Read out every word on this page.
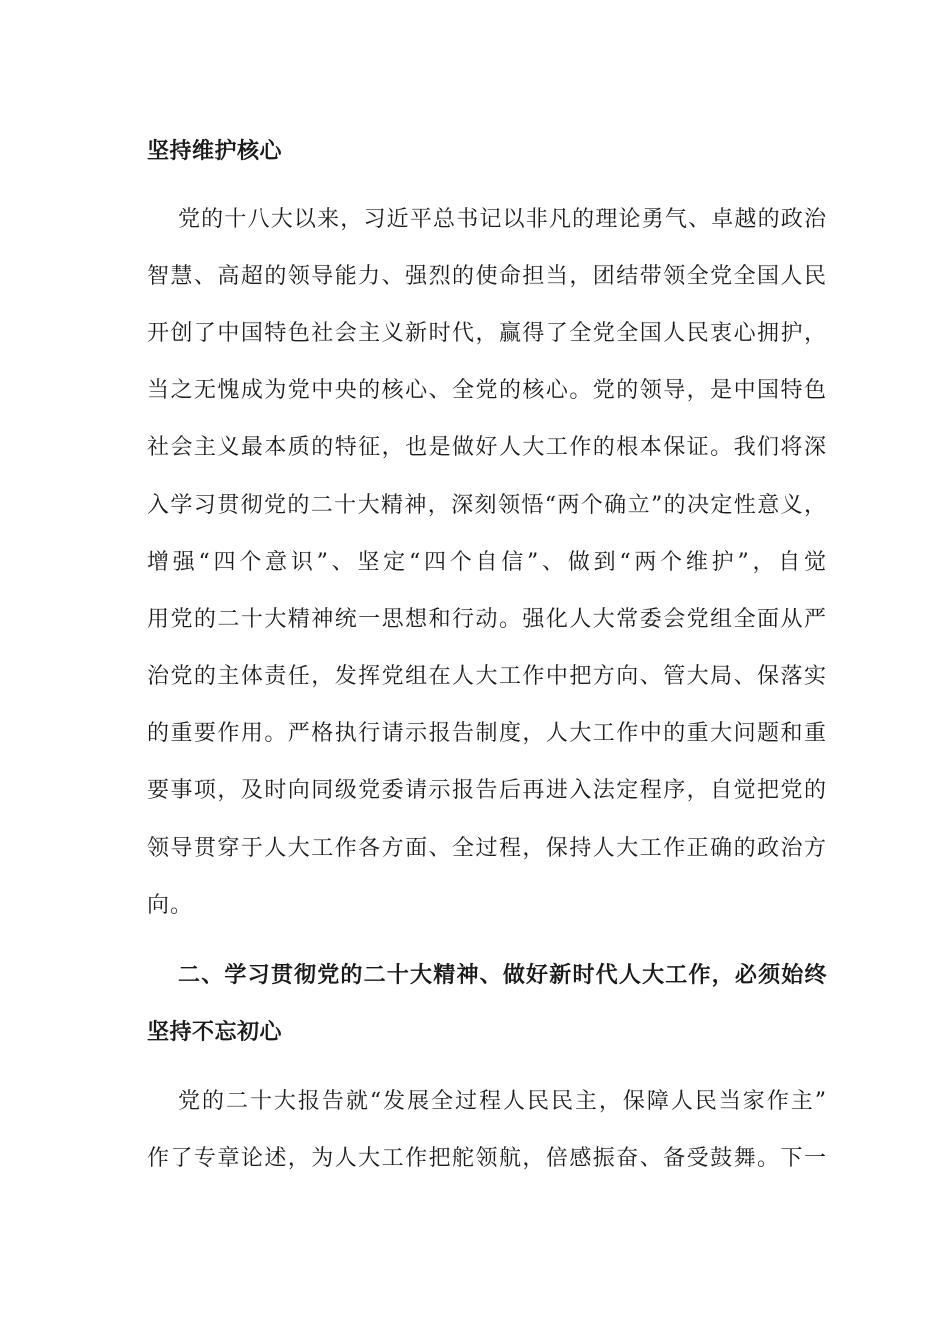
坚持维护核心
党的十八大以来，习近平总书记以非凡的理论勇气、卓越的政治
智慧、高超的领导能力、强烈的使命担当，团结带领全党全国人民
开创了中国特色社会主义新时代，赢得了全党全国人民衷心拥护，
当之无愧成为党中央的核心、全党的核心。党的领导，是中国特色
社会主义最本质的特征，也是做好人大工作的根本保证。我们将深
入学习贯彻党的二十大精神，深刻领悟“两个确立”的决定性意义，
增强“四个意识”、坚定“四个自信”、做到“两个维护”，自觉
用党的二十大精神统一思想和行动。强化人大常委会党组全面从严
治党的主体责任，发挥党组在人大工作中把方向、管大局、保落实
的重要作用。严格执行请示报告制度，人大工作中的重大问题和重
要事项，及时向同级党委请示报告后再进入法定程序，自觉把党的
领导贯穿于人大工作各方面、全过程，保持人大工作正确的政治方
向。
二、学习贯彻党的二十大精神、做好新时代人大工作，必须始终
坚持不忘初心
党的二十大报告就“发展全过程人民民主，保障人民当家作主”
作了专章论述，为人大工作把舵领航，倍感振奋、备受鼓舞。下一
